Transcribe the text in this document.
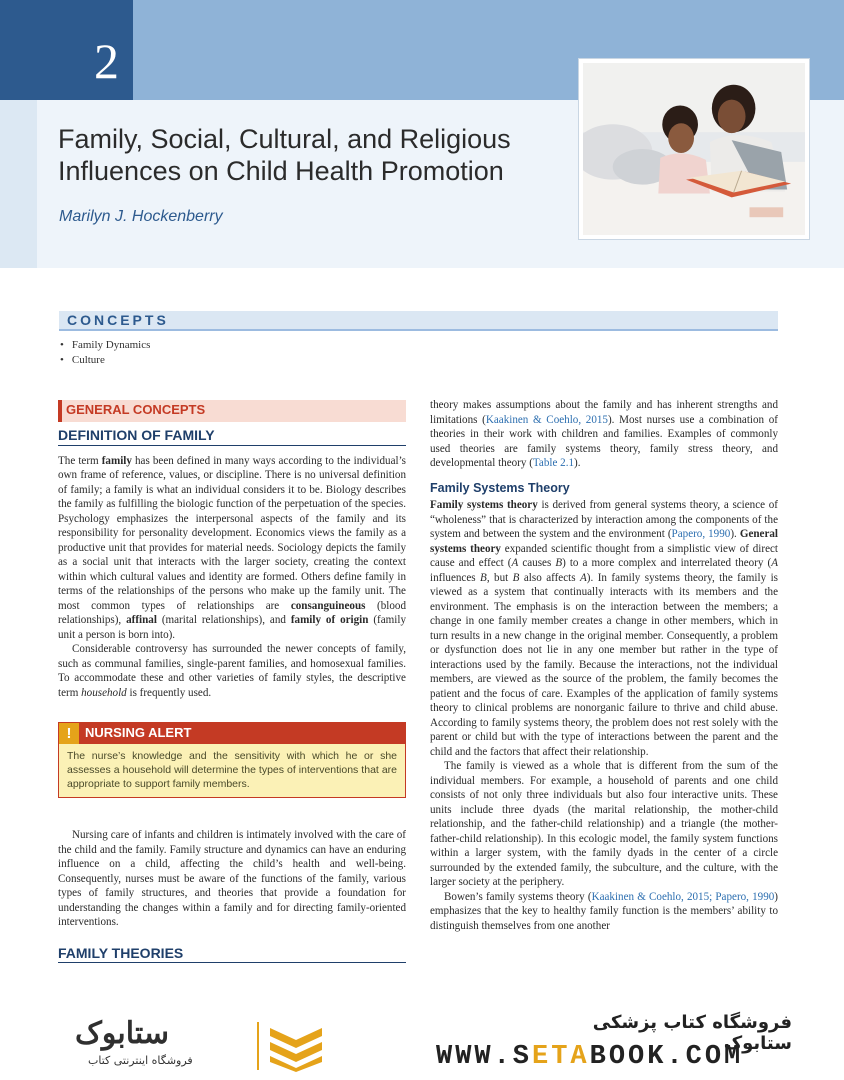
2
Family, Social, Cultural, and Religious Influences on Child Health Promotion
Marilyn J. Hockenberry
CONCEPTS
• Family Dynamics
• Culture
GENERAL CONCEPTS
DEFINITION OF FAMILY

The term family has been defined in many ways according to the individual’s own frame of reference, values, or discipline. There is no universal definition of family; a family is what an individual considers it to be. Biology describes the family as fulfilling the biologic function of the perpetuation of the species. Psychology emphasizes the interpersonal aspects of the family and its responsibility for personality development. Economics views the family as a productive unit that provides for material needs. Sociology depicts the family as a social unit that interacts with the larger society, creating the context within which cultural values and identity are formed. Others define family in terms of the relationships of the persons who make up the family unit. The most common types of relationships are consanguineous (blood relationships), affinal (marital relationships), and family of origin (family unit a person is born into).

Considerable controversy has surrounded the newer concepts of family, such as communal families, single-parent families, and homosexual families. To accommodate these and other varieties of family styles, the descriptive term household is frequently used.

!	NURSING ALERT
The nurse’s knowledge and the sensitivity with which he or she assesses a household will determine the types of interventions that are appropriate to support family members.

Nursing care of infants and children is intimately involved with the care of the child and the family. Family structure and dynamics can have an enduring influence on a child, affecting the child’s health and well-being. Consequently, nurses must be aware of the functions of the family, various types of family structures, and theories that provide a foundation for understanding the changes within a family and for directing family-oriented interventions.

FAMILY THEORIES

theory makes assumptions about the family and has inherent strengths and limitations (Kaakinen & Coehlo, 2015). Most nurses use a combination of theories in their work with children and families. Examples of commonly used theories are family systems theory, family stress theory, and developmental theory (Table 2.1).

Family Systems Theory

Family systems theory is derived from general systems theory, a science of “wholeness” that is characterized by interaction among the components of the system and between the system and the environment (Papero, 1990). General systems theory expanded scientific thought from a simplistic view of direct cause and effect (A causes B) to a more complex and interrelated theory (A influences B, but B also affects A). In family systems theory, the family is viewed as a system that continually interacts with its members and the environment. The emphasis is on the interaction between the members; a change in one family member creates a change in other members, which in turn results in a new change in the original member. Consequently, a problem or dysfunction does not lie in any one member but rather in the type of interactions used by the family. Because the interactions, not the individual members, are viewed as the source of the problem, the family becomes the patient and the focus of care. Examples of the application of family systems theory to clinical problems are nonorganic failure to thrive and child abuse. According to family systems theory, the problem does not rest solely with the parent or child but with the type of interactions between the parent and the child and the factors that affect their relationship.

The family is viewed as a whole that is different from the sum of the individual members. For example, a household of parents and one child consists of not only three individuals but also four interactive units. These units include three dyads (the marital relationship, the mother-child relationship, and the father-child relationship) and a triangle (the mother-father-child relationship). In this ecologic model, the family system functions within a larger system, with the family dyads in the center of a circle surrounded by the extended family, the subculture, and the culture, with the larger society at the periphery.

Bowen’s family systems theory (Kaakinen & Coehlo, 2015; Papero, 1990) emphasizes that the key to healthy family function is the members’ ability to distinguish themselves from one another

ستابوک
فروشگاه اینترنتی کتاب
فروشگاه کتاب پزشکی ستابوک
WWW.SETABOOK.COM
